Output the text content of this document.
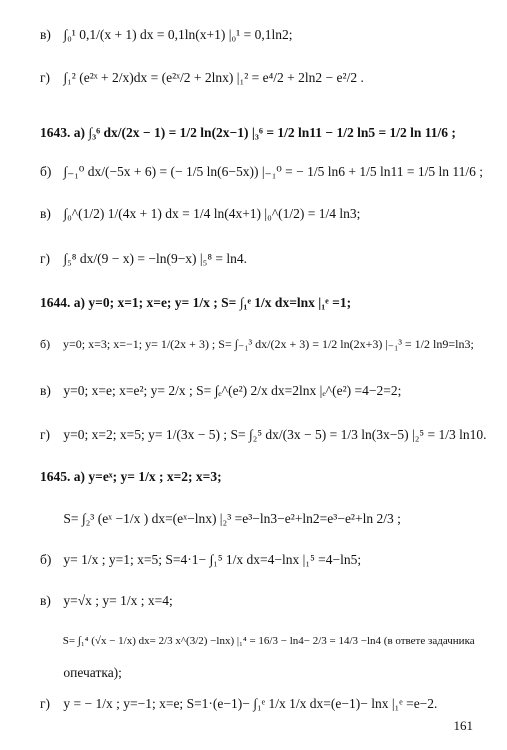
в) ∫₀¹ 0,1/(x + 1) dx = 0,1ln(x+1) |₀¹ = 0,1ln2;
г) ∫₁² (e²ˣ + 2/x)dx = (e²ˣ/2 + 2lnx) |₁² = e⁴/2 + 2ln2 − e²/2 .
1643. а) ∫₃⁶ dx/(2x − 1) = 1/2 ln(2x−1) |₃⁶ = 1/2 ln11 − 1/2 ln5 = 1/2 ln 11/6 ;
б) ∫₋₁⁰ dx/(−5x + 6) = (− 1/5 ln(6−5x)) |₋₁⁰ = − 1/5 ln6 + 1/5 ln11 = 1/5 ln 11/6 ;
в) ∫₀^(1/2) 1/(4x + 1) dx = 1/4 ln(4x+1) |₀^(1/2) = 1/4 ln3;
г) ∫₅⁸ dx/(9 − x) = −ln(9−x) |₅⁸ = ln4.
1644. а) y=0; x=1; x=e; y= 1/x ; S= ∫₁ᵉ 1/x dx=lnx |₁ᵉ =1;
б) y=0; x=3; x=−1; y= 1/(2x + 3) ; S= ∫₋₁³ dx/(2x + 3) = 1/2 ln(2x+3) |₋₁³ = 1/2 ln9=ln3;
в) y=0; x=e; x=e²; y= 2/x ; S= ∫ₑ^(e²) 2/x dx=2lnx |ₑ^(e²) =4−2=2;
г) y=0; x=2; x=5; y= 1/(3x − 5) ; S= ∫₂⁵ dx/(3x − 5) = 1/3 ln(3x−5) |₂⁵ = 1/3 ln10.
1645. а) y=eˣ; y= 1/x ; x=2; x=3;
S= ∫₂³ (eˣ −1/x ) dx=(eˣ−lnx) |₂³ =e³−ln3−e²+ln2=e³−e²+ln 2/3 ;
б) y= 1/x ; y=1; x=5; S=4·1− ∫₁⁵ 1/x dx=4−lnx |₁⁵ =4−ln5;
в) y=√x ; y= 1/x ; x=4;
S= ∫₁⁴ (√x − 1/x) dx= 2/3 x^(3/2) −lnx) |₁⁴ = 16/3 − ln4− 2/3 = 14/3 −ln4 (в ответе задачника
опечатка);
г) y = − 1/x ; y=−1; x=e; S=1·(e−1)− ∫₁ᵉ 1/x 1/x dx=(e−1)− lnx |₁ᵉ =e−2.
161
